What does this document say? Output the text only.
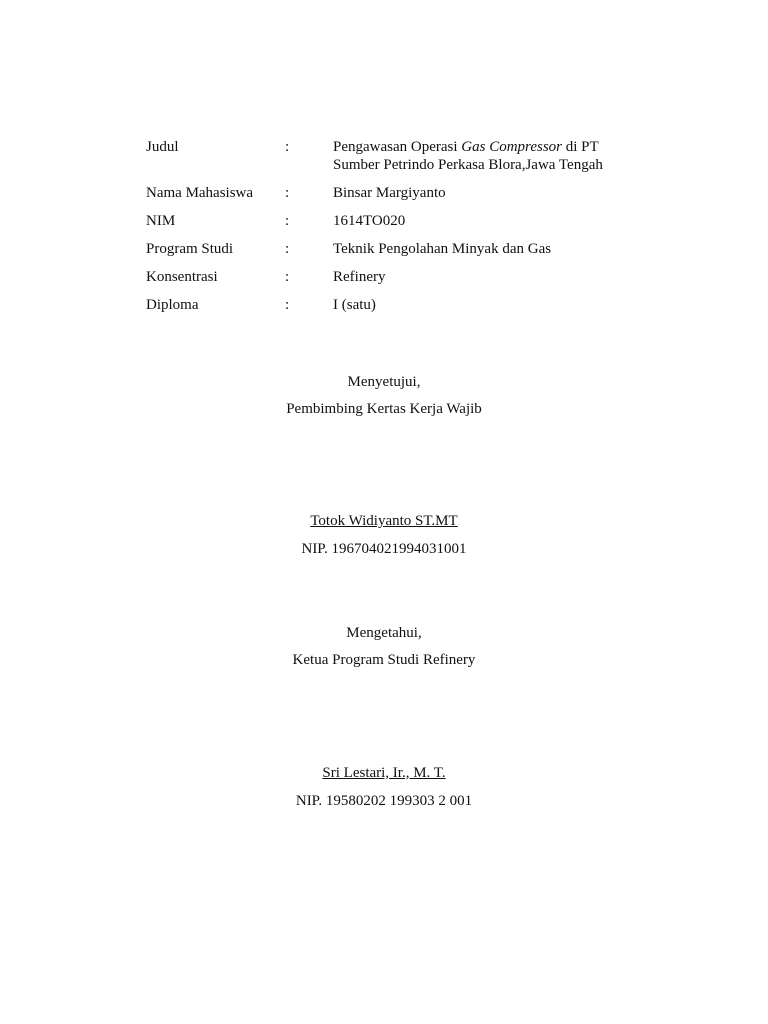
Judul	:	Pengawasan Operasi Gas Compressor di PT
Sumber Petrindo Perkasa Blora,Jawa Tengah
Nama Mahasiswa :	Binsar Margiyanto
NIM	:	1614TO020
Program Studi	:	Teknik Pengolahan Minyak dan Gas
Konsentrasi	:	Refinery
Diploma	:	I (satu)
Menyetujui,
Pembimbing Kertas Kerja Wajib
Totok Widiyanto ST.MT
NIP. 196704021994031001
Mengetahui,
Ketua Program Studi Refinery
Sri Lestari, Ir., M. T.
NIP. 19580202 199303 2 001
